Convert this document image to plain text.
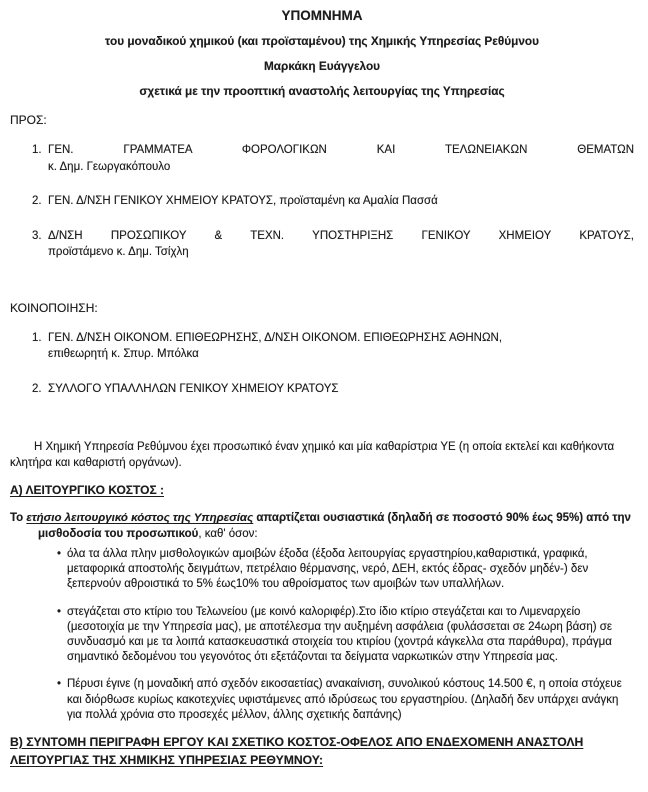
ΥΠΟΜΝΗΜΑ
του μοναδικού χημικού (και προϊσταμένου) της Χημικής Υπηρεσίας Ρεθύμνου
Μαρκάκη Ευάγγελου
σχετικά με την προοπτική αναστολής λειτουργίας της Υπηρεσίας
ΠΡΟΣ:
1. ΓΕΝ. ΓΡΑΜΜΑΤΕΑ ΦΟΡΟΛΟΓΙΚΩΝ ΚΑΙ ΤΕΛΩΝΕΙΑΚΩΝ ΘΕΜΑΤΩΝ
κ. Δημ. Γεωργακόπουλο
2. ΓΕΝ. Δ/ΝΣΗ ΓΕΝΙΚΟΥ ΧΗΜΕΙΟΥ ΚΡΑΤΟΥΣ, προϊσταμένη κα Αμαλία Πασσά
3. Δ/ΝΣΗ ΠΡΟΣΩΠΙΚΟΥ & ΤΕΧΝ. ΥΠΟΣΤΗΡΙΞΗΣ ΓΕΝΙΚΟΥ ΧΗΜΕΙΟΥ ΚΡΑΤΟΥΣ,
προϊστάμενο κ. Δημ. Τσίχλη
ΚΟΙΝΟΠΟΙΗΣΗ:
1. ΓΕΝ. Δ/ΝΣΗ ΟΙΚΟΝΟΜ. ΕΠΙΘΕΩΡΗΣΗΣ, Δ/ΝΣΗ ΟΙΚΟΝΟΜ. ΕΠΙΘΕΩΡΗΣΗΣ ΑΘΗΝΩΝ,
επιθεωρητή κ. Σπυρ. Μπόλκα
2. ΣΥΛΛΟΓΟ ΥΠΑΛΛΗΛΩΝ ΓΕΝΙΚΟΥ ΧΗΜΕΙΟΥ ΚΡΑΤΟΥΣ

Η Χημική Υπηρεσία Ρεθύμνου έχει προσωπικό έναν χημικό και μία καθαρίστρια ΥΕ (η οποία εκτελεί και καθήκοντα κλητήρα και καθαριστή οργάνων).

Α) ΛΕΙΤΟΥΡΓΙΚΟ ΚΟΣΤΟΣ :

Το ετήσιο λειτουργικό κόστος της Υπηρεσίας απαρτίζεται ουσιαστικά (δηλαδή σε ποσοστό 90% έως 95%) από την μισθοδοσία του προσωπικού, καθ' όσον:

•
όλα τα άλλα πλην μισθολογικών αμοιβών έξοδα (έξοδα λειτουργίας εργαστηρίου,καθαριστικά, γραφικά, μεταφορικά αποστολής δειγμάτων, πετρέλαιο θέρμανσης, νερό, ΔΕΗ, εκτός έδρας- σχεδόν μηδέν-) δεν ξεπερνούν αθροιστικά το 5% έως10% του αθροίσματος των αμοιβών των υπαλλήλων.
•
στεγάζεται στο κτίριο του Τελωνείου (με κοινό καλοριφέρ).Στο ίδιο κτίριο στεγάζεται και το Λιμεναρχείο (μεσοτοιχία με την Υπηρεσία μας), με αποτέλεσμα την αυξημένη ασφάλεια (φυλάσσεται σε 24ωρη βάση) σε συνδυασμό και με τα λοιπά κατασκευαστικά στοιχεία του κτιρίου (χοντρά κάγκελλα στα παράθυρα), πράγμα σημαντικό δεδομένου του γεγονότος ότι εξετάζονται τα δείγματα ναρκωτικών στην Υπηρεσία μας.
•
Πέρυσι έγινε (η μοναδική από σχεδόν εικοσαετίας) ανακαίνιση, συνολικού κόστους 14.500 €, η οποία στόχευε και διόρθωσε κυρίως κακοτεχνίες υφιστάμενες από ιδρύσεως του εργαστηρίου. (Δηλαδή δεν υπάρχει ανάγκη για πολλά χρόνια στο προσεχές μέλλον, άλλης σχετικής δαπάνης)
Β) ΣΥΝΤΟΜΗ ΠΕΡΙΓΡΑΦΗ ΕΡΓΟΥ ΚΑΙ ΣΧΕΤΙΚΟ ΚΟΣΤΟΣ-ΟΦΕΛΟΣ ΑΠΟ ΕΝΔΕΧΟΜΕΝΗ ΑΝΑΣΤΟΛΗ ΛΕΙΤΟΥΡΓΙΑΣ ΤΗΣ ΧΗΜΙΚΗΣ ΥΠΗΡΕΣΙΑΣ ΡΕΘΥΜΝΟΥ:
